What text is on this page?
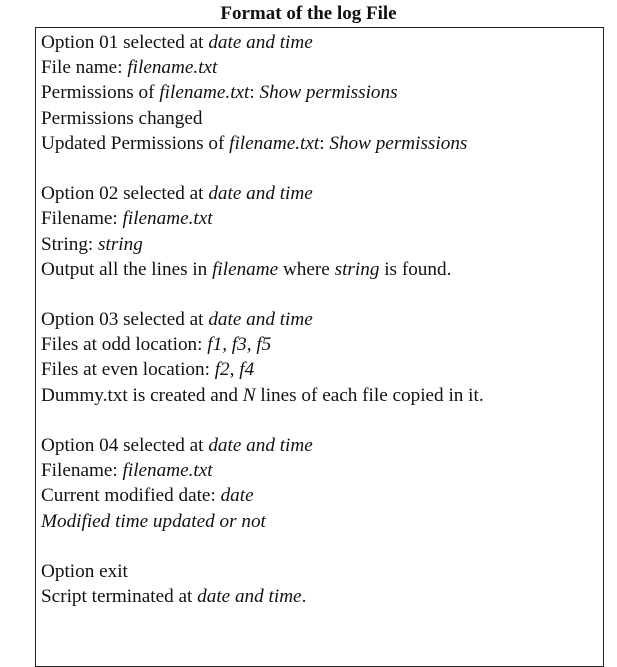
Format of the log File
Option 01 selected at date and time
File name: filename.txt
Permissions of filename.txt: Show permissions
Permissions changed
Updated Permissions of filename.txt: Show permissions
Option 02 selected at date and time
Filename: filename.txt
String: string
Output all the lines in filename where string is found.
Option 03 selected at date and time
Files at odd location: f1, f3, f5
Files at even location: f2, f4
Dummy.txt is created and N lines of each file copied in it.
Option 04 selected at date and time
Filename: filename.txt
Current modified date: date
Modified time updated or not
Option exit
Script terminated at date and time.
